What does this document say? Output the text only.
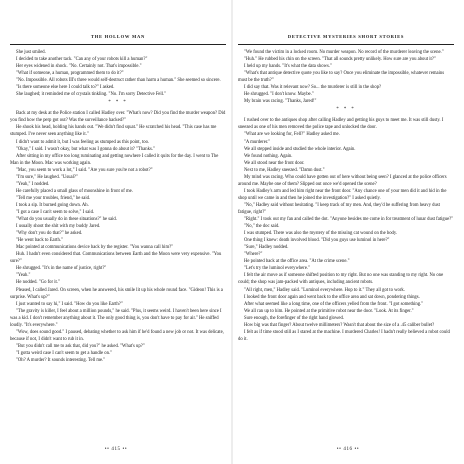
THE HOLLOW MAN

She just smiled.

I decided to take another tack. "Can any of your robots kill a human?"

Her eyes widened in shock. "No. Certainly not. That's impossible."

"What if someone, a human, programmed them to do it?"

"No. Impossible. All robots III's three would self-destruct rather than harm a human." She seemed so sincere.

"Is there someone else here I could talk to?" I asked.

She laughed; it reminded me of crystals tinkling. "No. I'm sorry Detective Fell."

* * *

Back at my desk at the Police station I called Hadley over. "What's now? Did you find the murder weapon? Did you find how the perp got out? Was the surveillance hacked?"

He shook his head, holding his hands out. "We didn't find squat." He scratched his head. "This case has me stumped. I've never seen anything like it."

I didn't want to admit it, but I was feeling as stumped as this point, too.

"Okay," I said. I wasn't okay, but what was I gonna do about it? "Thanks."

After sitting in my office too long ruminating and getting nowhere I called it quits for the day. I went to The Man in the Moon. Mac was working again.

"Mac, you seem to work a lot," I said. "Are you sure you're not a robot?"

"I'm sure," He laughed. "Usual?"

"Yeah," I nodded.

He carefully placed a small glass of moonshine in front of me.

"Tell me your troubles, friend," he said.

I took a sip. It burned going down. Ah.

"I got a case I can't seem to solve," I said.

"What do you usually do in these situations?" he said.

I usually shoot the shit with my buddy Jared.

"Why don't you do that?" he asked.

"He went back to Earth."

Mac pointed at communications device back by the register. "You wanna call him?"

Huh. I hadn't even considered that. Communications between Earth and the Moon were very expensive. "You sure?"

He shrugged. "It's in the name of justice, right?"

"Yeah."

He nodded. "Go for it."

Pleased, I called Jared. On screen, when he answered, his smile lit up his whole round face. "Gideon! This is a surprise. What's up?"

I just wanted to say hi," I said. "How do you like Earth?"

"The gravity is killer, I feel about a million pounds," he said. "Plus, it seems weird. I haven't been here since I was a kid. I don't remember anything about it. The only good thing is, you don't have to pay for air." He sniffed loudly. "It's everywhere."

"Wow, does sound good." I paused, debating whether to ask him if he'd found a new job or not. It was delicate, because if not, I didn't want to rub it in.

"But you didn't call me to ask that, did you?" he asked. "What's up?"

"I gotta weird case I can't seem to get a handle on."

"Oh? A murder? It sounds interesting. Tell me."

•• 415 ••
DETECTIVE MYSTERIES SHORT STORIES

"We found the victim in a locked room. No murder weapon. No record of the murderer leaving the scene."

"Huh." He rubbed his chin on the screen. "That all sounds pretty unlikely. How sure are you about it?"

I held up my hands. "It's what the data shows."

"What's that antique detective quote you like to say? Once you eliminate the impossible, whatever remains must be the truth?"

I did say that. Was it relevant now? So... the murderer is still in the shop?

He shrugged. "I don't know. Maybe."

My brain was racing. "Thanks, Jared!"

* * *

I rushed over to the antiques shop after calling Hadley and getting his guys to meet me. It was still dusty. I sneezed as one of his men removed the police tape and unlocked the door.

"What are we looking for, Fell?" Hadley asked me.

"A murderer."

We all stepped inside and studied the whole interior. Again.

We found nothing. Again.

We all stood near the front door.

Next to me, Hadley sneezed. "Damn dust."

My mind was racing. Who could have gotten out of here without being seen? I glanced at the police officers around me. Maybe one of them? Slipped out once we'd opened the scene?

I took Hadley's arm and led him right near the front door. "Any chance one of your men did it and hid in the shop until we came in and then he joined the investigation?" I asked quietly.

"No," Hadley said without hesitating. "I keep track of my men. And, they'd be suffering from heavy dust fatigue, right?"

"Right." I took out my fan and called the dot. "Anyone besides me come in for treatment of lunar dust fatigue?"

"No," the doc said.

I was stumped. There was also the mystery of the missing cat wound on the body.

One thing I knew: death involved blood. "Did you guys use luminol in here?"

"Sure," Hadley nodded.

"Where?"

He pointed back at the office area. "At the crime scene."

"Let's try the luminol everywhere."

I felt the air move as if someone shifted position to my right. But no one was standing to my right. No one could; the shop was jam-packed with antiques, including ancient robots.

"All right, men," Hadley said. "Luminol everywhere. Hop to it." They all got to work.

I looked the front door again and went back to the office area and sat down, pondering things.

After what seemed like a long time, one of the officers yelled from the front. "I got something."

We all ran up to him. He pointed at the primitive robot near the door. "Look. At its finger."

Sure enough, the forefinger of the right hand glowed.

How big was that finger? About twelve millimeters? Wasn't that about the size of a .45 caliber bullet?

I felt as if time stood still as I stared at the machine. I murdered Charles! I hadn't really believed a robot could do it.

•• 416 ••
